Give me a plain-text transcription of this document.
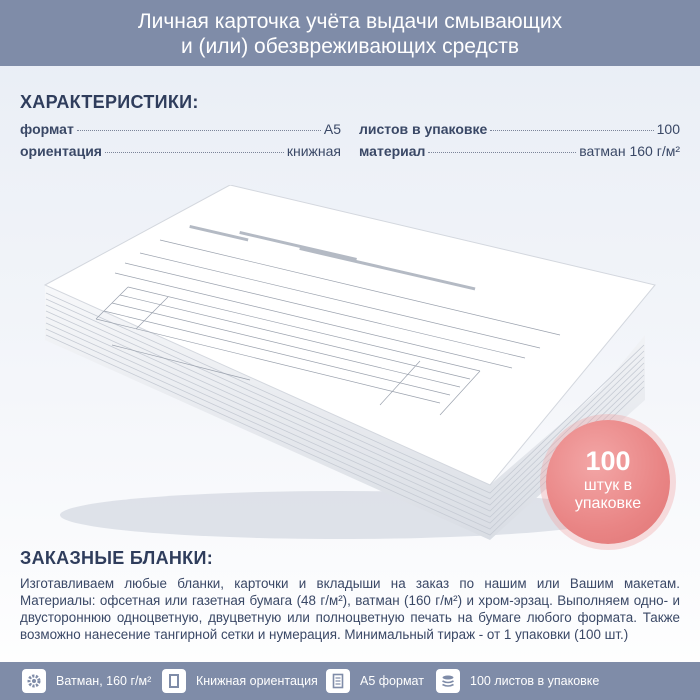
Личная карточка учёта выдачи смывающих
и (или) обезвреживающих средств
ХАРАКТЕРИСТИКИ:
формат	А5
ориентация	книжная
листов в упаковке	100
материал	ватман 160 г/м²
100
штук в
упаковке
ЗАКАЗНЫЕ БЛАНКИ:
Изготавливаем любые бланки, карточки и вкладыши на заказ по нашим или Вашим макетам. Материалы: офсетная или газетная бумага (48 г/м²), ватман (160 г/м²) и хром-эрзац. Выполняем одно- и двустороннюю одноцветную, двуцветную или полноцветную печать на бумаге любого формата. Также возможно нанесение тангирной сетки и нумерация. Минимальный тираж - от 1 упаковки (100 шт.)
Ватман, 160 г/м²	Книжная ориентация	А5 формат	100 листов в упаковке
